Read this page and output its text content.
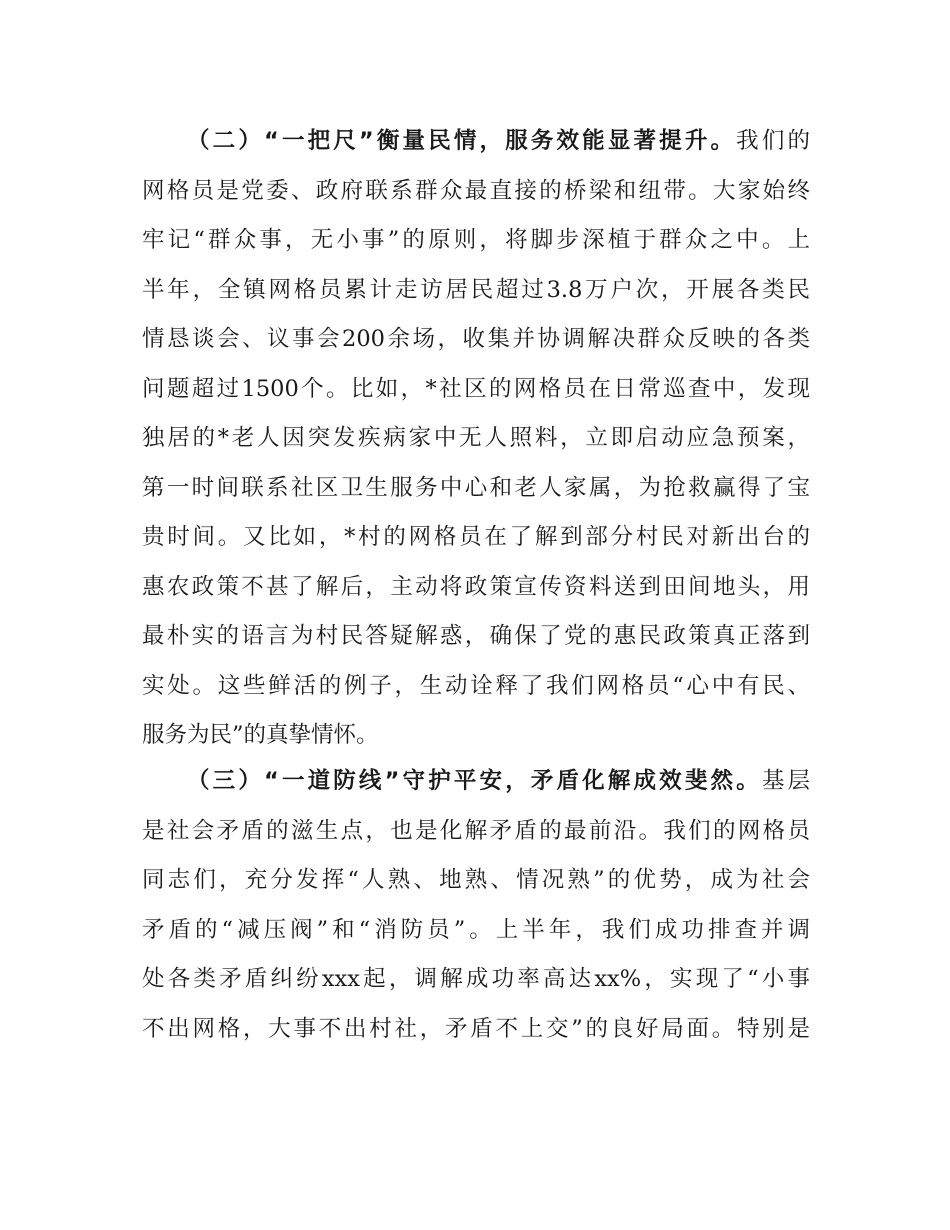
（二）“一把尺”衡量民情，服务效能显著提升。我们的
网格员是党委、政府联系群众最直接的桥梁和纽带。大家始终
牢记“群众事，无小事”的原则，将脚步深植于群众之中。上
半年，全镇网格员累计走访居民超过3.8万户次，开展各类民
情恳谈会、议事会200余场，收集并协调解决群众反映的各类
问题超过1500个。比如，*社区的网格员在日常巡查中，发现
独居的*老人因突发疾病家中无人照料，立即启动应急预案，
第一时间联系社区卫生服务中心和老人家属，为抢救赢得了宝
贵时间。又比如，*村的网格员在了解到部分村民对新出台的
惠农政策不甚了解后，主动将政策宣传资料送到田间地头，用
最朴实的语言为村民答疑解惑，确保了党的惠民政策真正落到
实处。这些鲜活的例子，生动诠释了我们网格员“心中有民、
服务为民”的真挚情怀。
（三）“一道防线”守护平安，矛盾化解成效斐然。基层
是社会矛盾的滋生点，也是化解矛盾的最前沿。我们的网格员
同志们，充分发挥“人熟、地熟、情况熟”的优势，成为社会
矛盾的“减压阀”和“消防员”。上半年，我们成功排查并调
处各类矛盾纠纷xxx起，调解成功率高达xx%，实现了“小事
不出网格，大事不出村社，矛盾不上交”的良好局面。特别是
